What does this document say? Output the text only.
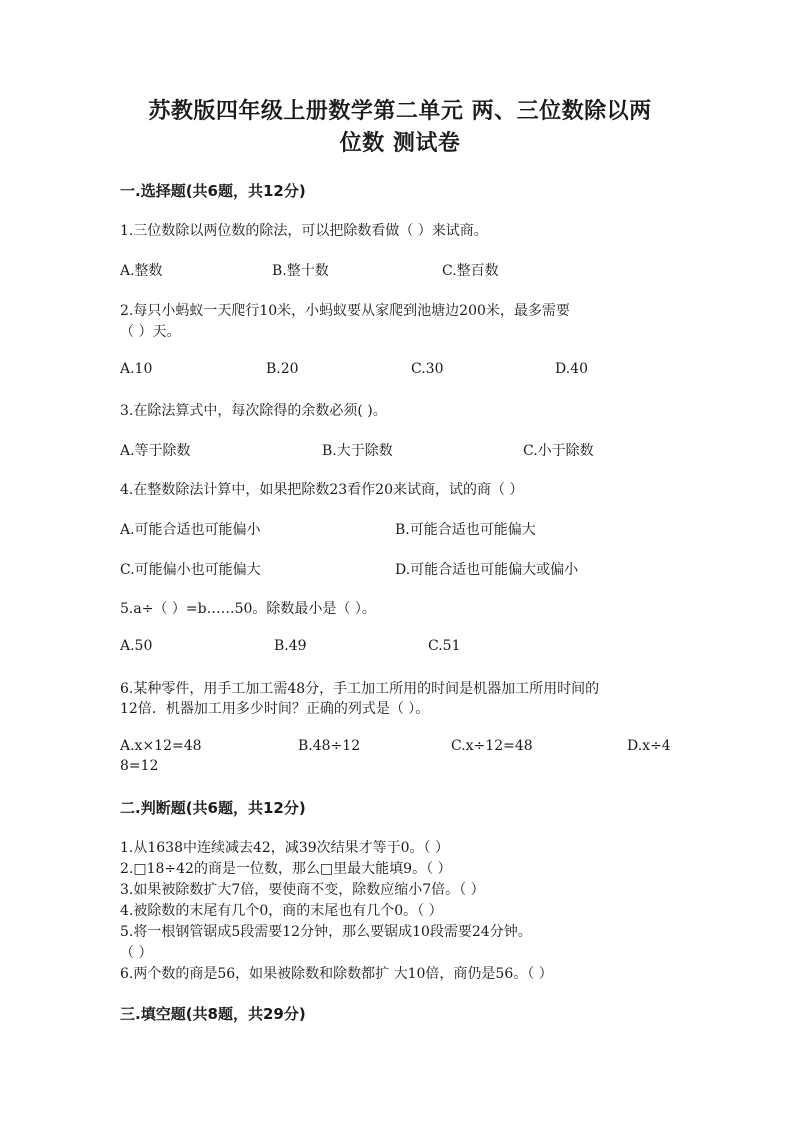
苏教版四年级上册数学第二单元 两、三位数除以两
位数 测试卷
一.选择题(共6题，共12分)
1.三位数除以两位数的除法，可以把除数看做（ ）来试商。
A.整数	B.整十数	C.整百数
2.每只小蚂蚁一天爬行10米，小蚂蚁要从家爬到池塘边200米，最多需要
（ ）天。
A.10	B.20	C.30	D.40
3.在除法算式中，每次除得的余数必须( )。
A.等于除数	B.大于除数	C.小于除数
4.在整数除法计算中，如果把除数23看作20来试商，试的商（ ）
A.可能合适也可能偏小	B.可能合适也可能偏大
C.可能偏小也可能偏大	D.可能合适也可能偏大或偏小
5.a÷（ ）=b……50。除数最小是（ ）。
A.50	B.49	C.51
6.某种零件，用手工加工需48分，手工加工所用的时间是机器加工所用时间的
12倍．机器加工用多少时间？正确的列式是（ ）。
A.x×12=48	B.48÷12	C.x÷12=48	D.x÷4
8=12
二.判断题(共6题，共12分)
1.从1638中连续减去42，减39次结果才等于0。（ ）
2.□18÷42的商是一位数，那么□里最大能填9。（ ）
3.如果被除数扩大7倍，要使商不变，除数应缩小7倍。（ ）
4.被除数的末尾有几个0，商的末尾也有几个0。（ ）
5.将一根钢管锯成5段需要12分钟，那么要锯成10段需要24分钟。
（ ）
6.两个数的商是56，如果被除数和除数都扩 大10倍，商仍是56。（ ）
三.填空题(共8题，共29分)
